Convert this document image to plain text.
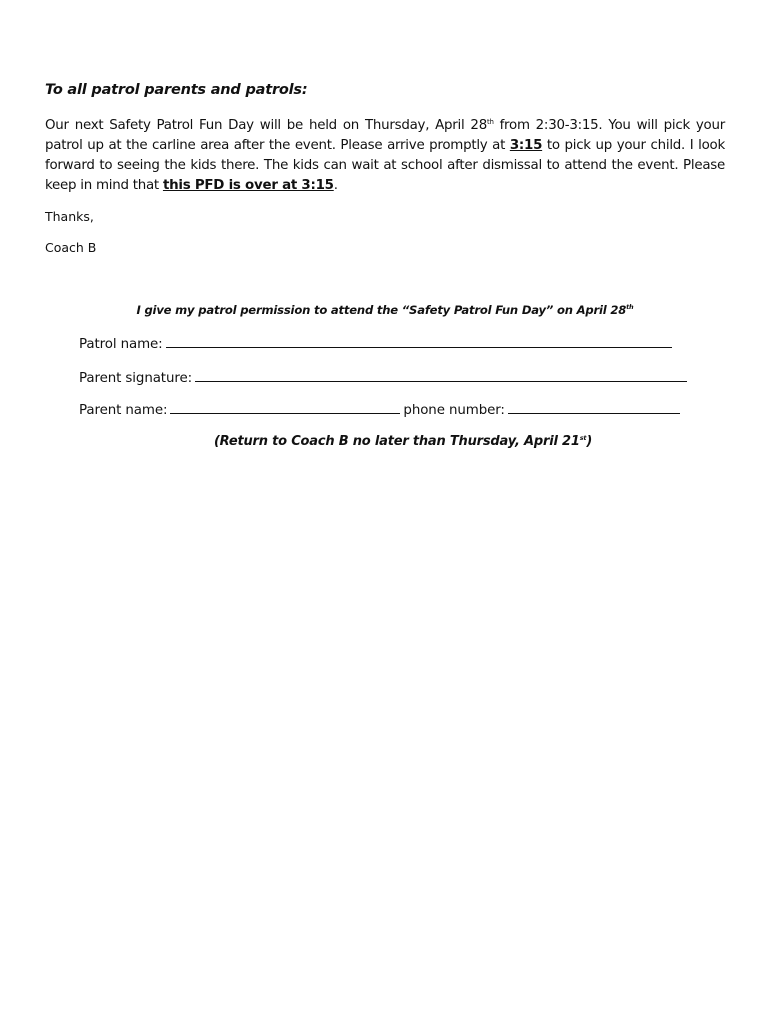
To all patrol parents and patrols:
Our next Safety Patrol Fun Day will be held on Thursday, April 28th from 2:30-3:15. You will pick your patrol up at the carline area after the event. Please arrive promptly at 3:15 to pick up your child. I look forward to seeing the kids there. The kids can wait at school after dismissal to attend the event. Please keep in mind that this PFD is over at 3:15.
Thanks,
Coach B
I give my patrol permission to attend the “Safety Patrol Fun Day” on April 28th
Patrol name:
Parent signature:
Parent name:	phone number:
(Return to Coach B no later than Thursday, April 21st)
